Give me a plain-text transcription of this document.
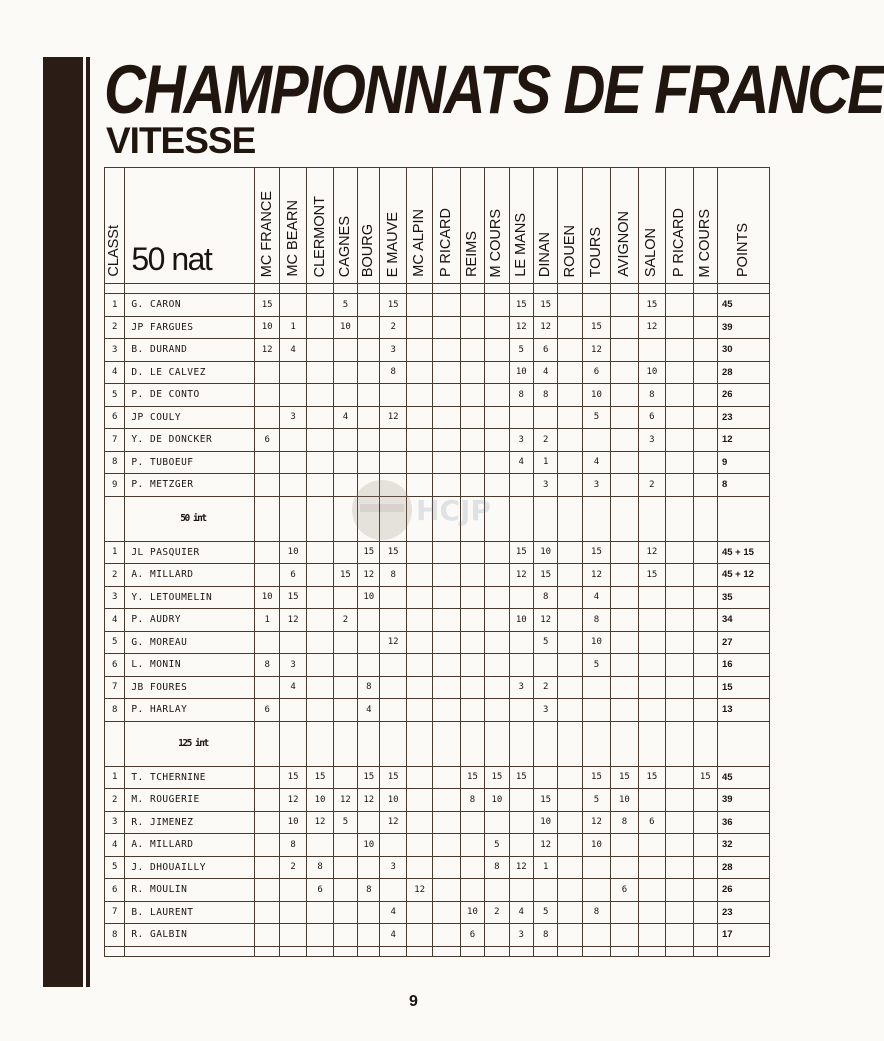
CHAMPIONNATS DE FRANCE
VITESSE
CLASSt	50 nat	MC FRANCE	MC BEARN	CLERMONT	CAGNES	BOURG	E MAUVE	MC ALPIN	P RICARD	REIMS	M COURS	LE MANS	DINAN	ROUEN	TOURS	AVIGNON	SALON	P RICARD	M COURS	POINTS

1	G. CARON	15			5		15					15	15				15			45
2	JP FARGUES	10	1		10		2					12	12		15		12			39
3	B. DURAND	12	4				3					5	6		12					30
4	D. LE CALVEZ						8					10	4		6		10			28
5	P. DE CONTO											8	8		10		8			26
6	JP COULY		3		4		12								5		6			23
7	Y. DE DONCKER	6										3	2				3			12
8	P. TUBOEUF											4	1		4					9
9	P. METZGER												3		3		2			8
	50 int																			
1	JL PASQUIER		10			15	15					15	10		15		12			45 + 15
2	A. MILLARD		6		15	12	8					12	15		12		15			45 + 12
3	Y. LETOUMELIN	10	15			10							8		4					35
4	P. AUDRY	1	12		2							10	12		8					34
5	G. MOREAU						12						5		10					27
6	L. MONIN	8	3												5					16
7	JB FOURES		4			8						3	2							15
8	P. HARLAY	6				4							3							13
	125 int																			
1	T. TCHERNINE		15	15		15	15			15	15	15			15	15	15		15	45
2	M. ROUGERIE		12	10	12	12	10			8	10		15		5	10				39
3	R. JIMENEZ		10	12	5		12						10		12	8	6			36
4	A. MILLARD		8			10					5		12		10					32
5	J. DHOUAILLY		2	8			3				8	12	1							28
6	R. MOULIN			6		8		12								6				26
7	B. LAURENT						4			10	2	4	5		8					23
8	R. GALBIN						4			6		3	8							17

HCJP
9
